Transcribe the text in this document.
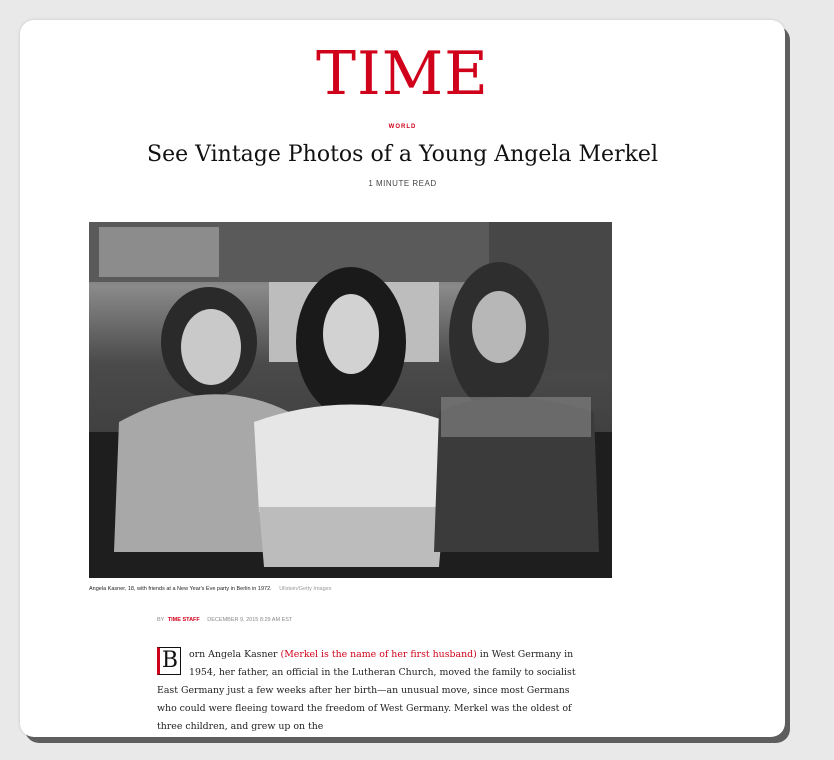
TIME
WORLD
See Vintage Photos of a Young Angela Merkel
1 MINUTE READ
Angela Kasner, 18, with friends at a New Year's Eve party in Berlin in 1972. Ullstein/Getty Images
BY TIME STAFF DECEMBER 9, 2015 8:29 AM EST
B	orn Angela Kasner (Merkel is the name of her first husband) in West Germany in 1954, her father, an official in the Lutheran Church, moved the family to socialist East Germany just a few weeks after her birth—an unusual move, since most Germans who could were fleeing toward the freedom of West Germany. Merkel was the oldest of three children, and grew up on the
